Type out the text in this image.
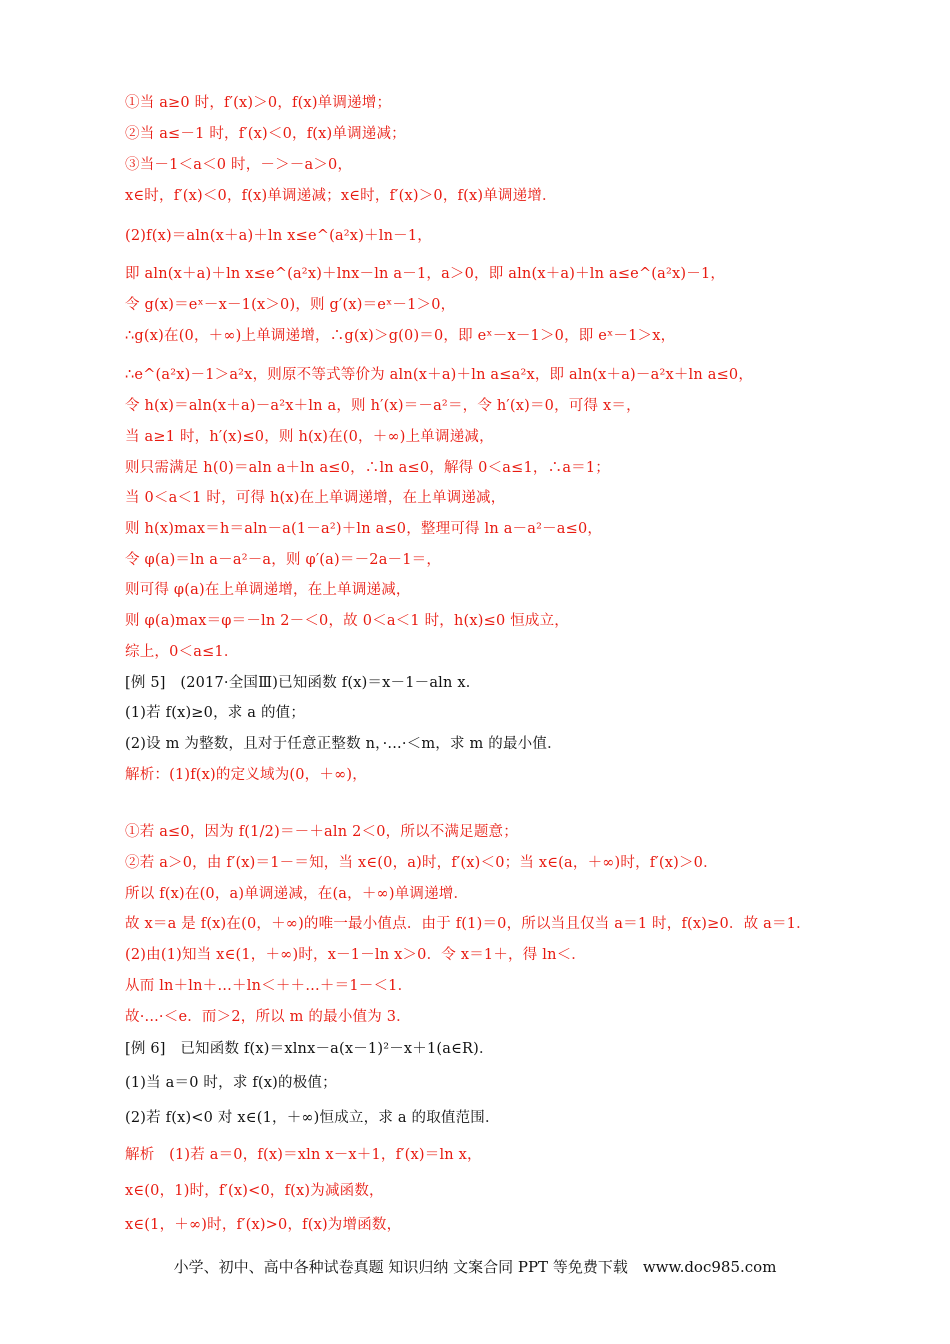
①当 a≥0 时，f′(x)＞0，f(x)单调递增；
②当 a≤－1 时，f′(x)＜0，f(x)单调递减；
③当－1＜a＜0 时，－＞－a＞0，
x∈时，f′(x)＜0，f(x)单调递减；x∈时，f′(x)＞0，f(x)单调递增．
(2)f(x)＝aln(x＋a)＋ln x≤e^(a²x)＋ln－1，
即 aln(x＋a)＋ln x≤e^(a²x)＋lnx－ln a－1，a＞0，即 aln(x＋a)＋ln a≤e^(a²x)－1，
令 g(x)＝eˣ－x－1(x＞0)，则 g′(x)＝eˣ－1＞0，
∴g(x)在(0，＋∞)上单调递增，∴g(x)＞g(0)＝0，即 eˣ－x－1＞0，即 eˣ－1＞x，
∴e^(a²x)－1＞a²x，则原不等式等价为 aln(x＋a)＋ln a≤a²x，即 aln(x＋a)－a²x＋ln a≤0，
令 h(x)＝aln(x＋a)－a²x＋ln a，则 h′(x)＝－a²＝，令 h′(x)＝0，可得 x＝，
当 a≥1 时，h′(x)≤0，则 h(x)在(0，＋∞)上单调递减，
则只需满足 h(0)＝aln a＋ln a≤0，∴ln a≤0，解得 0＜a≤1，∴a＝1；
当 0＜a＜1 时，可得 h(x)在上单调递增，在上单调递减，
则 h(x)max＝h＝aln－a(1－a²)＋ln a≤0，整理可得 ln a－a²－a≤0，
令 φ(a)＝ln a－a²－a，则 φ′(a)＝－2a－1＝，
则可得 φ(a)在上单调递增，在上单调递减，
则 φ(a)max＝φ＝－ln 2－＜0，故 0＜a＜1 时，h(x)≤0 恒成立，
综上，0＜a≤1．
[例 5]　(2017·全国Ⅲ)已知函数 f(x)＝x－1－aln x．
(1)若 f(x)≥0，求 a 的值；
(2)设 m 为整数，且对于任意正整数 n，·...·＜m，求 m 的最小值．
解析：(1)f(x)的定义域为(0，＋∞)，
①若 a≤0，因为 f(1/2)＝－＋aln 2＜0，所以不满足题意；
②若 a＞0，由 f′(x)＝1－＝知，当 x∈(0，a)时，f′(x)＜0；当 x∈(a，＋∞)时，f′(x)＞0．
所以 f(x)在(0，a)单调递减，在(a，＋∞)单调递增．
故 x＝a 是 f(x)在(0，＋∞)的唯一最小值点．由于 f(1)＝0，所以当且仅当 a＝1 时，f(x)≥0．故 a＝1．
(2)由(1)知当 x∈(1，＋∞)时，x－1－ln x＞0．令 x＝1＋，得 ln＜．
从而 ln＋ln＋…＋ln＜＋＋…＋＝1－＜1．
故·...·＜e．而＞2，所以 m 的最小值为 3．
[例 6]　已知函数 f(x)＝xlnx－a(x－1)²－x＋1(a∈R)．
(1)当 a＝0 时，求 f(x)的极值；
(2)若 f(x)<0 对 x∈(1，＋∞)恒成立，求 a 的取值范围．
解析　(1)若 a＝0，f(x)＝xln x－x＋1，f′(x)＝ln x，
x∈(0，1)时，f′(x)<0，f(x)为减函数，
x∈(1，＋∞)时，f′(x)>0，f(x)为增函数，
小学、初中、高中各种试卷真题 知识归纳 文案合同 PPT 等免费下载　www.doc985.com
